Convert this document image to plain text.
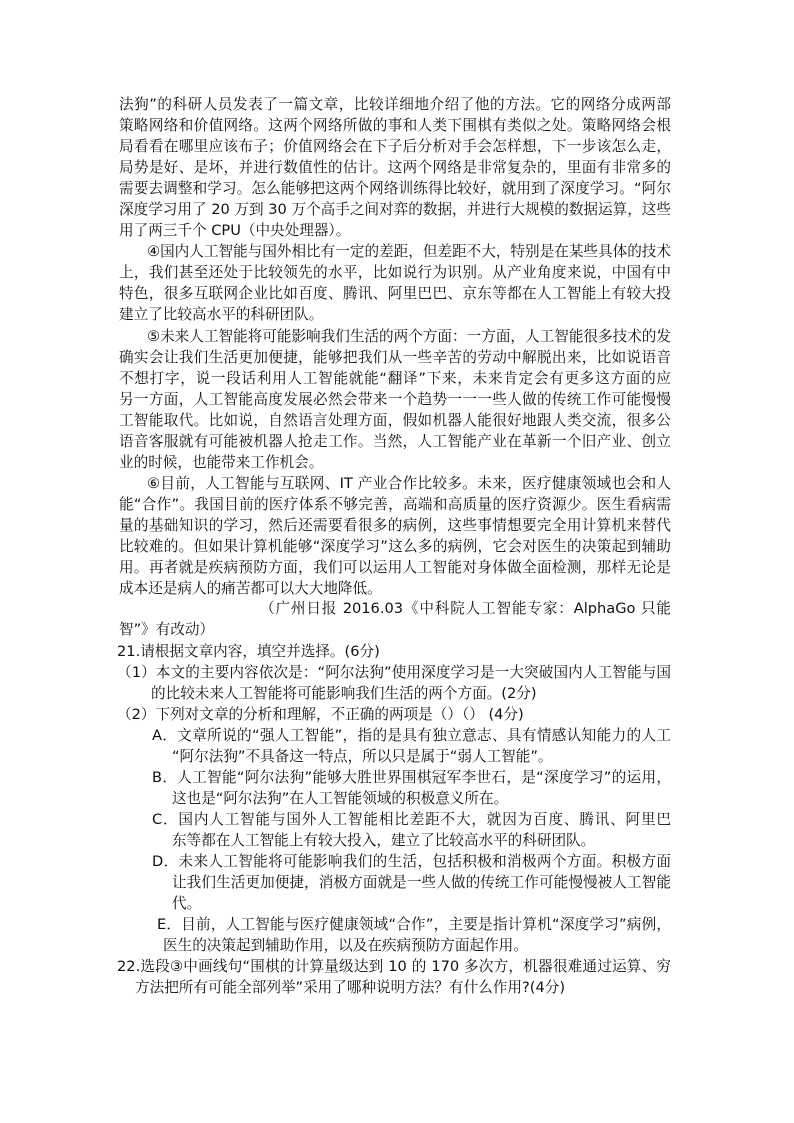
法狗”的科研人员发表了一篇文章，比较详细地介绍了他的方法。它的网络分成两部
策略网络和价值网络。这两个网络所做的事和人类下围棋有类似之处。策略网络会根
局看看在哪里应该布子；价值网络会在下子后分析对手会怎样想，下一步该怎么走，
局势是好、是坏，并进行数值性的估计。这两个网络是非常复杂的，里面有非常多的
需要去调整和学习。怎么能够把这两个网络训练得比较好，就用到了深度学习。“阿尔
深度学习用了 20 万到 30 万个高手之间对弈的数据，并进行大规模的数据运算，这些
用了两三千个 CPU（中央处理器）。
④国内人工智能与国外相比有一定的差距，但差距不大，特别是在某些具体的技术
上，我们甚至还处于比较领先的水平，比如说行为识别。从产业角度来说，中国有中
特色，很多互联网企业比如百度、腾讯、阿里巴巴、京东等都在人工智能上有较大投
建立了比较高水平的科研团队。
⑤未来人工智能将可能影响我们生活的两个方面：一方面，人工智能很多技术的发
确实会让我们生活更加便捷，能够把我们从一些辛苦的劳动中解脱出来，比如说语音
不想打字，说一段话利用人工智能就能“翻译”下来，未来肯定会有更多这方面的应
另一方面，人工智能高度发展必然会带来一个趋势一一一些人做的传统工作可能慢慢
工智能取代。比如说，自然语言处理方面，假如机器人能很好地跟人类交流，很多公
语音客服就有可能被机器人抢走工作。当然，人工智能产业在革新一个旧产业、创立
业的时候，也能带来工作机会。
⑥目前，人工智能与互联网、IT 产业合作比较多。未来，医疗健康领域也会和人
能“合作”。我国目前的医疗体系不够完善，高端和高质量的医疗资源少。医生看病需
量的基础知识的学习，然后还需要看很多的病例，这些事情想要完全用计算机来替代
比较难的。但如果计算机能够“深度学习”这么多的病例，它会对医生的决策起到辅助
用。再者就是疾病预防方面，我们可以运用人工智能对身体做全面检测，那样无论是
成本还是病人的痛苦都可以大大地降低。
（广州日报 2016.03《中科院人工智能专家：AlphaGo 只能
智”》有改动）
21.请根据文章内容，填空并选择。(6分)
（1）本文的主要内容依次是：“阿尔法狗”使用深度学习是一大突破国内人工智能与国
的比较未来人工智能将可能影响我们生活的两个方面。(2分)
（2）下列对文章的分析和理解，不正确的两项是（）（） (4分)
A．文章所说的“强人工智能”，指的是具有独立意志、具有情感认知能力的人工
“阿尔法狗”不具备这一特点，所以只是属于“弱人工智能”。
B．人工智能“阿尔法狗”能够大胜世界围棋冠军李世石，是“深度学习”的运用，
这也是“阿尔法狗”在人工智能领域的积极意义所在。
C．国内人工智能与国外人工智能相比差距不大，就因为百度、腾讯、阿里巴
东等都在人工智能上有较大投入，建立了比较高水平的科研团队。
D．未来人工智能将可能影响我们的生活，包括积极和消极两个方面。积极方面
让我们生活更加便捷，消极方面就是一些人做的传统工作可能慢慢被人工智能
代。
E．目前，人工智能与医疗健康领域“合作”，主要是指计算机“深度学习”病例，
医生的决策起到辅助作用，以及在疾病预防方面起作用。
22.选段③中画线句“围棋的计算量级达到 10 的 170 多次方，机器很难通过运算、穷
方法把所有可能全部列举”采用了哪种说明方法？有什么作用?(4分)
